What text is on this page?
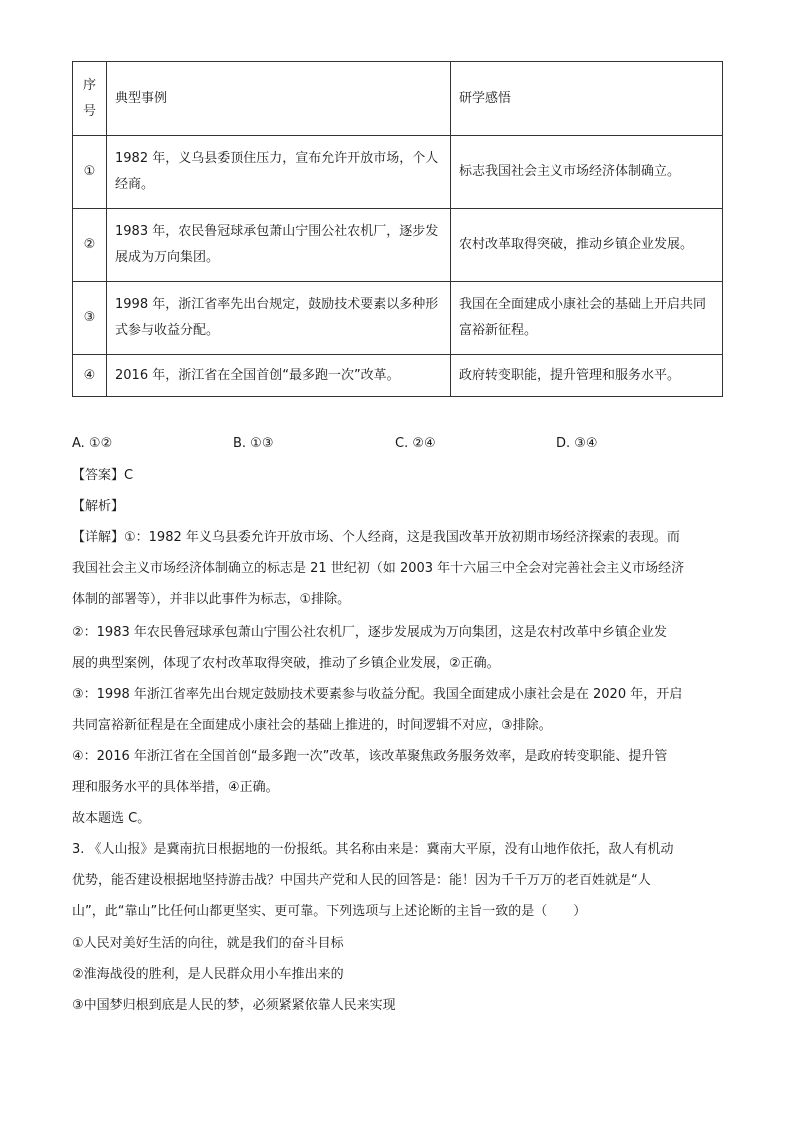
序号	典型事例	研学感悟
①	1982 年，义乌县委顶住压力，宣布允许开放市场，个人经商。	标志我国社会主义市场经济体制确立。
②	1983 年，农民鲁冠球承包萧山宁围公社农机厂，逐步发展成为万向集团。	农村改革取得突破，推动乡镇企业发展。
③	1998 年，浙江省率先出台规定，鼓励技术要素以多种形式参与收益分配。	我国在全面建成小康社会的基础上开启共同富裕新征程。
④	2016 年，浙江省在全国首创“最多跑一次”改革。	政府转变职能，提升管理和服务水平。
A. ①②	B. ①③	C. ②④	D. ③④
【答案】C
【解析】
【详解】①：1982 年义乌县委允许开放市场、个人经商，这是我国改革开放初期市场经济探索的表现。而
我国社会主义市场经济体制确立的标志是 21 世纪初（如 2003 年十六届三中全会对完善社会主义市场经济
体制的部署等），并非以此事件为标志，①排除。
②：1983 年农民鲁冠球承包萧山宁围公社农机厂，逐步发展成为万向集团，这是农村改革中乡镇企业发
展的典型案例，体现了农村改革取得突破，推动了乡镇企业发展，②正确。
③：1998 年浙江省率先出台规定鼓励技术要素参与收益分配。我国全面建成小康社会是在 2020 年，开启
共同富裕新征程是在全面建成小康社会的基础上推进的，时间逻辑不对应，③排除。
④：2016 年浙江省在全国首创“最多跑一次”改革，该改革聚焦政务服务效率，是政府转变职能、提升管
理和服务水平的具体举措，④正确。
故本题选 C。
3. 《人山报》是冀南抗日根据地的一份报纸。其名称由来是：冀南大平原，没有山地作依托，敌人有机动
优势，能否建设根据地坚持游击战？中国共产党和人民的回答是：能！因为千千万万的老百姓就是“人
山”，此“靠山”比任何山都更坚实、更可靠。下列选项与上述论断的主旨一致的是（　　）
①人民对美好生活的向往，就是我们的奋斗目标
②淮海战役的胜利，是人民群众用小车推出来的
③中国梦归根到底是人民的梦，必须紧紧依靠人民来实现
